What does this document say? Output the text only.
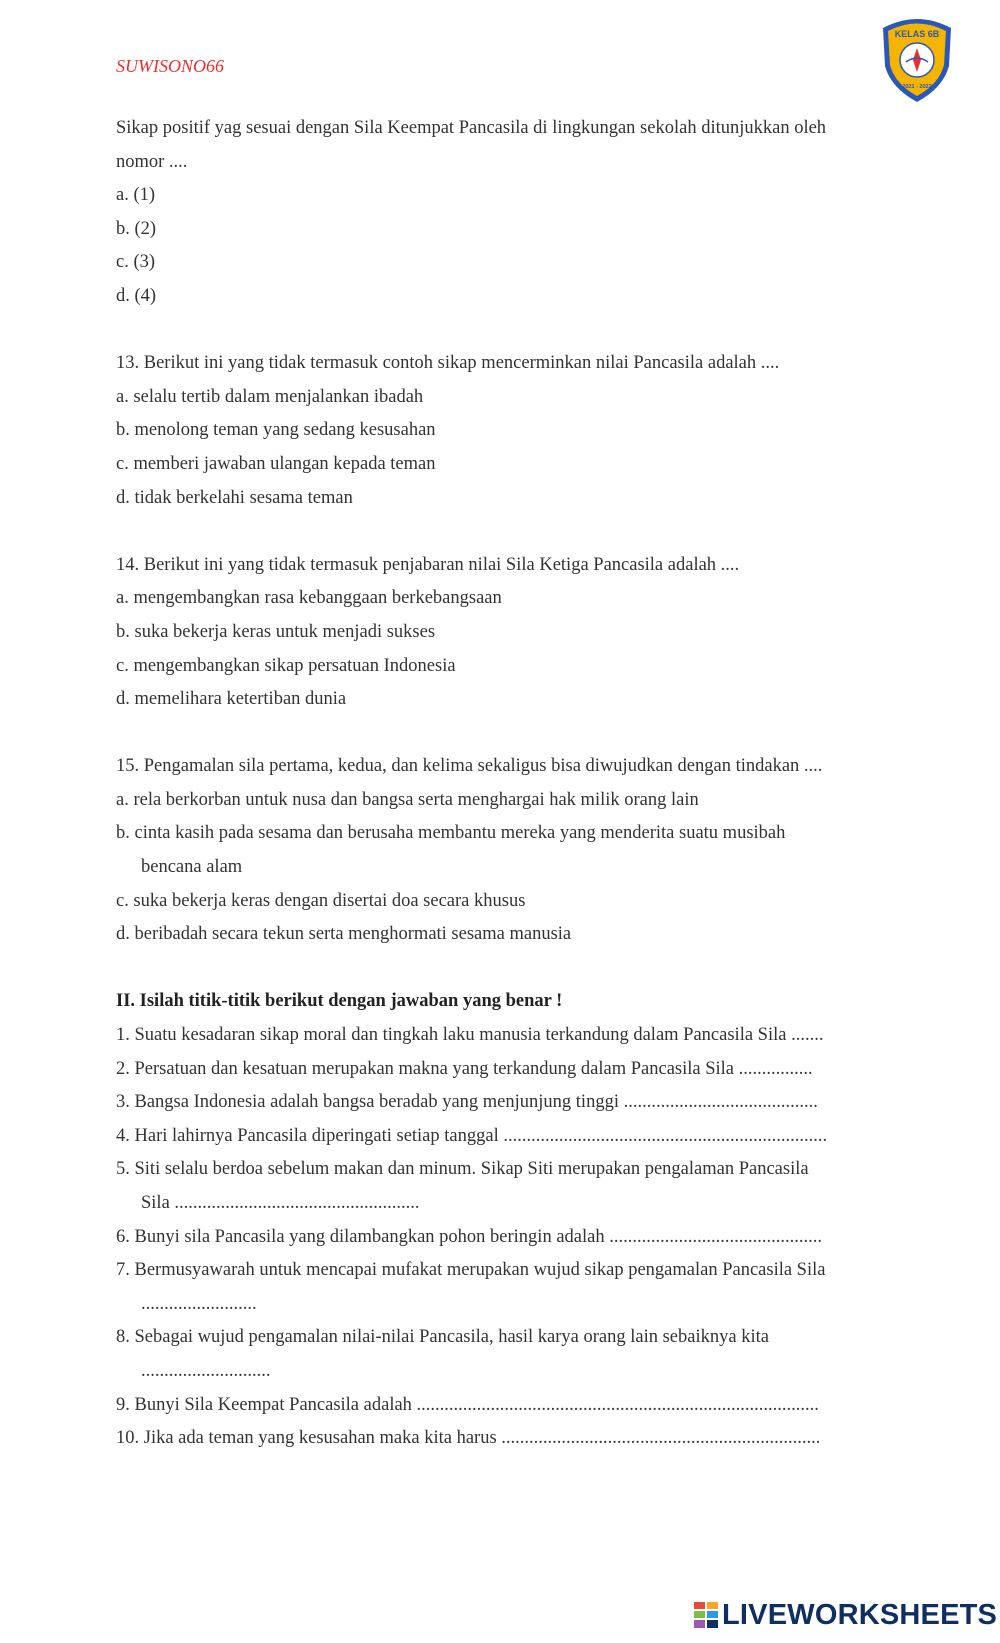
SUWISONO66
KELAS 6B
2021 - 2022
Sikap positif yag sesuai dengan Sila Keempat Pancasila di lingkungan sekolah ditunjukkan oleh
nomor ....
a. (1)
b. (2)
c. (3)
d. (4)
13. Berikut ini yang tidak termasuk contoh sikap mencerminkan nilai Pancasila adalah ....
a. selalu tertib dalam menjalankan ibadah
b. menolong teman yang sedang kesusahan
c. memberi jawaban ulangan kepada teman
d. tidak berkelahi sesama teman
14. Berikut ini yang tidak termasuk penjabaran nilai Sila Ketiga Pancasila adalah ....
a. mengembangkan rasa kebanggaan berkebangsaan
b. suka bekerja keras untuk menjadi sukses
c. mengembangkan sikap persatuan Indonesia
d. memelihara ketertiban dunia
15. Pengamalan sila pertama, kedua, dan kelima sekaligus bisa diwujudkan dengan tindakan ....
a. rela berkorban untuk nusa dan bangsa serta menghargai hak milik orang lain
b. cinta kasih pada sesama dan berusaha membantu mereka yang menderita suatu musibah
bencana alam
c. suka bekerja keras dengan disertai doa secara khusus
d. beribadah secara tekun serta menghormati sesama manusia
II. Isilah titik-titik berikut dengan jawaban yang benar !
1. Suatu kesadaran sikap moral dan tingkah laku manusia terkandung dalam Pancasila Sila .......
2. Persatuan dan kesatuan merupakan makna yang terkandung dalam Pancasila Sila ................
3. Bangsa Indonesia adalah bangsa beradab yang menjunjung tinggi ..........................................
4. Hari lahirnya Pancasila diperingati setiap tanggal ......................................................................
5. Siti selalu berdoa sebelum makan dan minum. Sikap Siti merupakan pengalaman Pancasila
Sila .....................................................
6. Bunyi sila Pancasila yang dilambangkan pohon beringin adalah ..............................................
7. Bermusyawarah untuk mencapai mufakat merupakan wujud sikap pengamalan Pancasila Sila
.........................
8. Sebagai wujud pengamalan nilai-nilai Pancasila, hasil karya orang lain sebaiknya kita
............................
9. Bunyi Sila Keempat Pancasila adalah .......................................................................................
10. Jika ada teman yang kesusahan maka kita harus .....................................................................
LIVEWORKSHEETS
